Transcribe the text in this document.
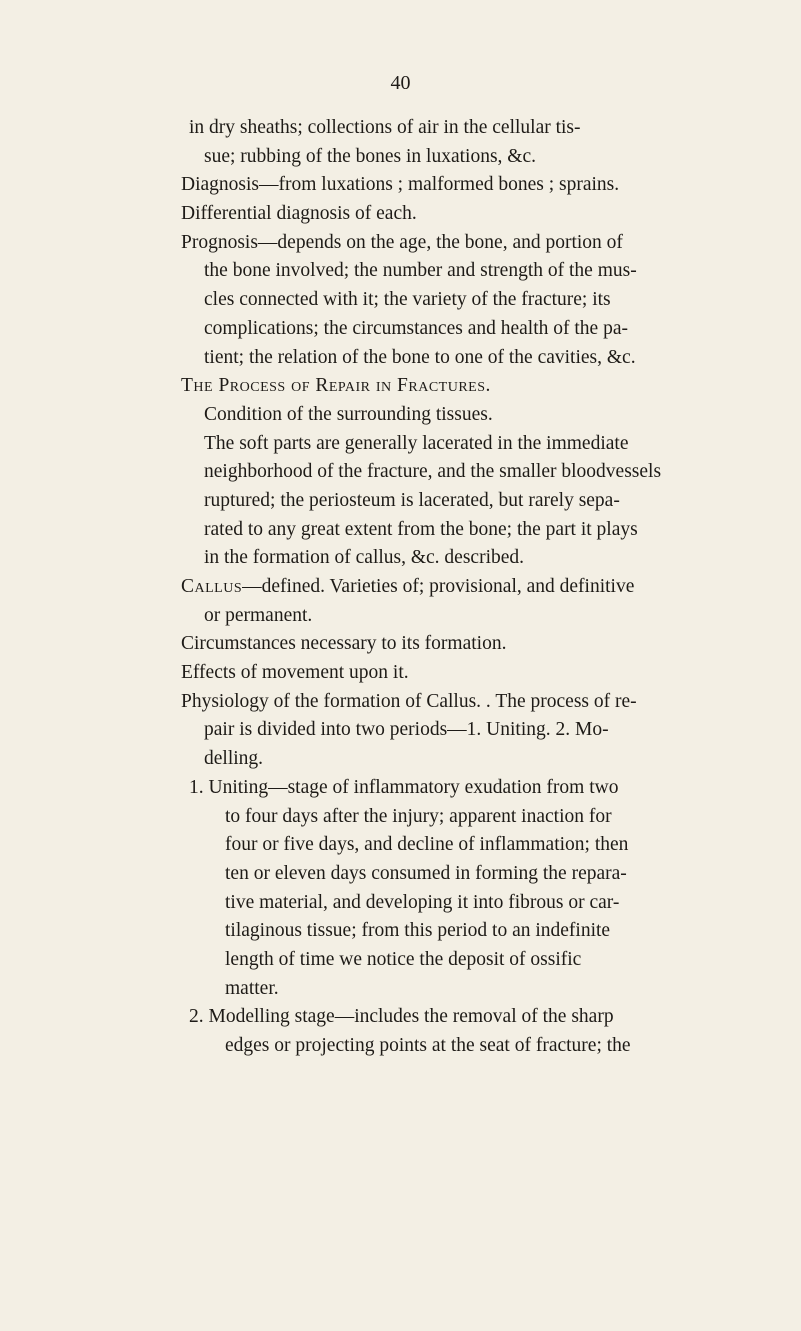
40
in dry sheaths; collections of air in the cellular tis-
sue; rubbing of the bones in luxations, &c.
Diagnosis—from luxations ; malformed bones ; sprains.
Differential diagnosis of each.
Prognosis—depends on the age, the bone, and portion of
the bone involved; the number and strength of the mus-
cles connected with it; the variety of the fracture; its
complications; the circumstances and health of the pa-
tient; the relation of the bone to one of the cavities, &c.
The Process of Repair in Fractures.
Condition of the surrounding tissues.
The soft parts are generally lacerated in the immediate
neighborhood of the fracture, and the smaller bloodvessels
ruptured; the periosteum is lacerated, but rarely sepa-
rated to any great extent from the bone; the part it plays
in the formation of callus, &c. described.
Callus—defined. Varieties of; provisional, and definitive
or permanent.
Circumstances necessary to its formation.
Effects of movement upon it.
Physiology of the formation of Callus. . The process of re-
pair is divided into two periods—1. Uniting. 2. Mo-
delling.
1. Uniting—stage of inflammatory exudation from two
to four days after the injury; apparent inaction for
four or five days, and decline of inflammation; then
ten or eleven days consumed in forming the repara-
tive material, and developing it into fibrous or car-
tilaginous tissue; from this period to an indefinite
length of time we notice the deposit of ossific
matter.
2. Modelling stage—includes the removal of the sharp
edges or projecting points at the seat of fracture; the
